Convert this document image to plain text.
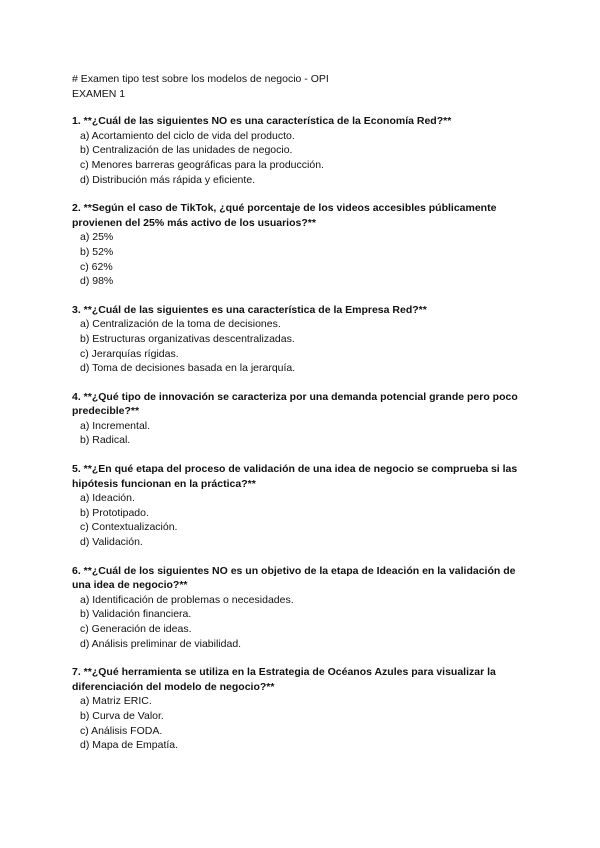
# Examen tipo test sobre los modelos de negocio - OPI
EXAMEN 1
1. **¿Cuál de las siguientes NO es una característica de la Economía Red?**
a) Acortamiento del ciclo de vida del producto.
b) Centralización de las unidades de negocio.
c) Menores barreras geográficas para la producción.
d) Distribución más rápida y eficiente.
2. **Según el caso de TikTok, ¿qué porcentaje de los videos accesibles públicamente provienen del 25% más activo de los usuarios?**
a) 25%
b) 52%
c) 62%
d) 98%
3. **¿Cuál de las siguientes es una característica de la Empresa Red?**
a) Centralización de la toma de decisiones.
b) Estructuras organizativas descentralizadas.
c) Jerarquías rígidas.
d) Toma de decisiones basada en la jerarquía.
4. **¿Qué tipo de innovación se caracteriza por una demanda potencial grande pero poco predecible?**
a) Incremental.
b) Radical.
5. **¿En qué etapa del proceso de validación de una idea de negocio se comprueba si las hipótesis funcionan en la práctica?**
a) Ideación.
b) Prototipado.
c) Contextualización.
d) Validación.
6. **¿Cuál de los siguientes NO es un objetivo de la etapa de Ideación en la validación de una idea de negocio?**
a) Identificación de problemas o necesidades.
b) Validación financiera.
c) Generación de ideas.
d) Análisis preliminar de viabilidad.
7. **¿Qué herramienta se utiliza en la Estrategia de Océanos Azules para visualizar la diferenciación del modelo de negocio?**
a) Matriz ERIC.
b) Curva de Valor.
c) Análisis FODA.
d) Mapa de Empatía.
